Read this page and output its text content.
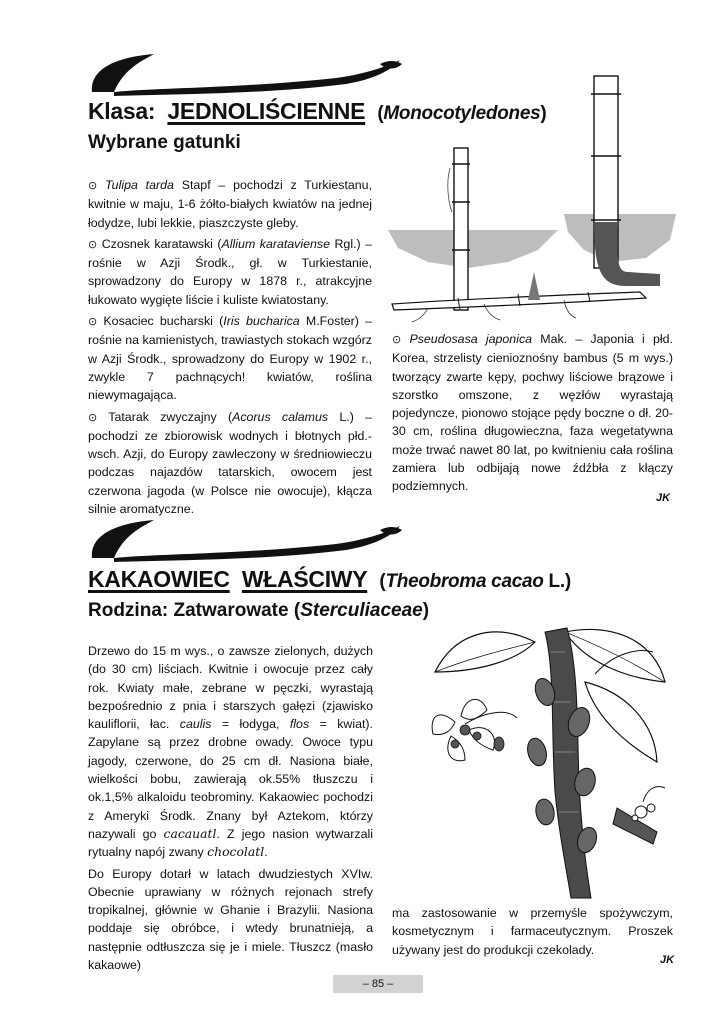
Klasa: JEDNOLIŚCIENNE (Monocotyledones)
Wybrane gatunki

⊙ Tulipa tarda Stapf – pochodzi z Turkiestanu, kwitnie w maju, 1-6 żółto-białych kwiatów na jednej łodydze, lubi lekkie, piaszczyste gleby.

⊙ Czosnek karatawski (Allium karataviense Rgl.) – rośnie w Azji Środk., gł. w Turkiestanie, sprowadzony do Europy w 1878 r., atrakcyjne łukowato wygięte liście i kuliste kwiatostany.

⊙ Kosaciec bucharski (Iris bucharica M.Foster) –rośnie na kamienistych, trawiastych stokach wzgórz w Azji Środk., sprowadzony do Europy w 1902 r., zwykle 7 pachnących! kwiatów, roślina niewymagająca.

⊙ Tatarak zwyczajny (Acorus calamus L.) – pochodzi ze zbiorowisk wodnych i błotnych płd.-wsch. Azji, do Europy zawleczony w średniowieczu podczas najazdów tatarskich, owocem jest czerwona jagoda (w Polsce nie owocuje), kłącza silnie aromatyczne.

⊙ Pseudosasa japonica Mak. – Japonia i płd. Korea, strzelisty cienioznośny bambus (5 m wys.) tworzący zwarte kępy, pochwy liściowe brązowe i szorstko omszone, z węzłów wyrastają pojedyncze, pionowo stojące pędy boczne o dł. 20-30 cm, roślina długowieczna, faza wegetatywna może trwać nawet 80 lat, po kwitnieniu cała roślina zamiera lub odbijają nowe źdźbła z kłączy podziemnych.

JK
KAKAOWIEC WŁAŚCIWY (Theobroma cacao L.)
Rodzina: Zatwarowate (Sterculiaceae)

Drzewo do 15 m wys., o zawsze zielonych, dużych (do 30 cm) liściach. Kwitnie i owocuje przez cały rok. Kwiaty małe, zebrane w pęczki, wyrastają bezpośrednio z pnia i starszych gałęzi (zjawisko kauliflorii, łac. caulis = łodyga, flos = kwiat). Zapylane są przez drobne owady. Owoce typu jagody, czerwone, do 25 cm dł. Nasiona białe, wielkości bobu, zawierają ok.55% tłuszczu i ok.1,5% alkaloidu teobrominy. Kakaowiec pochodzi z Ameryki Środk. Znany był Aztekom, którzy nazywali go cacauatl. Z jego nasion wytwarzali rytualny napój zwany chocolatl.

Do Europy dotarł w latach dwudziestych XVIw. Obecnie uprawiany w różnych rejonach strefy tropikalnej, głównie w Ghanie i Brazylii. Nasiona poddaje się obróbce, i wtedy brunatnieją, a następnie odtłuszcza się je i miele. Tłuszcz (masło kakaowe)

ma zastosowanie w przemyśle spożywczym, kosmetycznym i farmaceutycznym. Proszek używany jest do produkcji czekolady.

JK
– 85 –
